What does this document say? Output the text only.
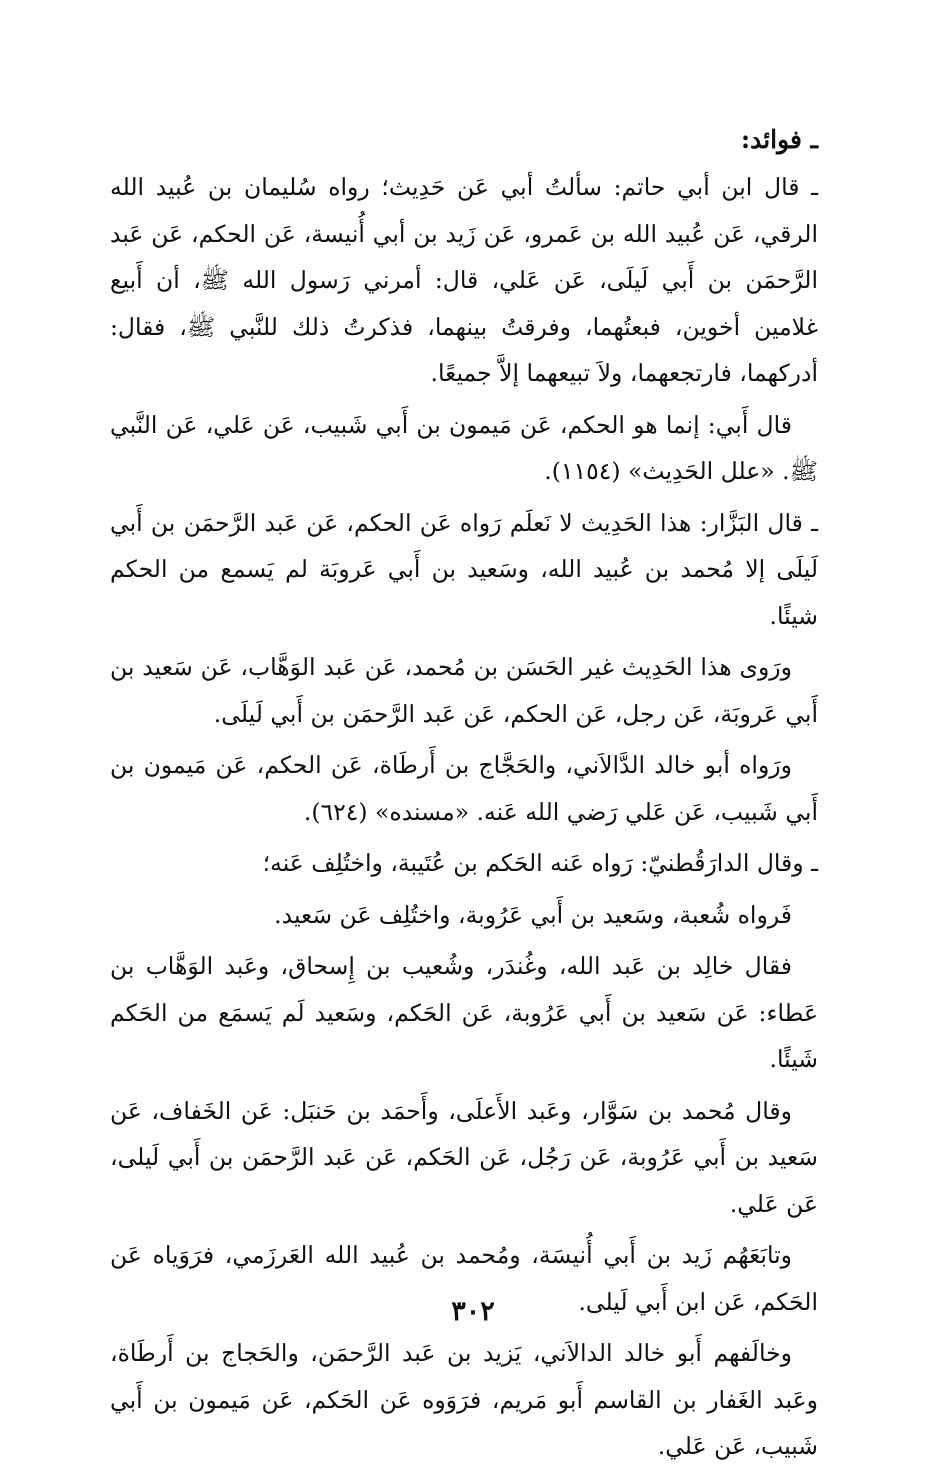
ـ فوائد:

ـ قال ابن أبي حاتم: سألتُ أبي عَن حَدِيث؛ رواه سُليمان بن عُبيد الله الرقي، عَن عُبيد الله بن عَمرو، عَن زَيد بن أبي أُنيسة، عَن الحكم، عَن عَبد الرَّحمَن بن أَبي لَيلَى، عَن عَلي، قال: أمرني رَسول الله ﷺ، أن أَبيع غلامين أخوين، فبعتُهما، وفرقتُ بينهما، فذكرتُ ذلك للنَّبي ﷺ، فقال: أدركهما، فارتجعهما، ولاَ تبيعهما إلاَّ جميعًا.

قال أَبي: إنما هو الحكم، عَن مَيمون بن أَبي شَبيب، عَن عَلي، عَن النَّبي ﷺ. «علل الحَدِيث» (١١٥٤).

ـ قال البَزَّار: هذا الحَدِيث لا نَعلَم رَواه عَن الحكم، عَن عَبد الرَّحمَن بن أَبي لَيلَى إلا مُحمد بن عُبيد الله، وسَعيد بن أَبي عَروبَة لم يَسمع من الحكم شيئًا.

ورَوى هذا الحَدِيث غير الحَسَن بن مُحمد، عَن عَبد الوَهَّاب، عَن سَعيد بن أَبي عَروبَة، عَن رجل، عَن الحكم، عَن عَبد الرَّحمَن بن أَبي لَيلَى.

ورَواه أبو خالد الدَّالاَني، والحَجَّاج بن أَرطَاة، عَن الحكم، عَن مَيمون بن أَبي شَبيب، عَن عَلي رَضي الله عَنه. «مسنده» (٦٢٤).

ـ وقال الدارَقُطنيّ: رَواه عَنه الحَكم بن عُتَيبة، واختُلِف عَنه؛

فَرواه شُعبة، وسَعيد بن أَبي عَرُوبة، واختُلِف عَن سَعيد.

فقال خالِد بن عَبد الله، وغُندَر، وشُعيب بن إِسحاق، وعَبد الوَهَّاب بن عَطاء: عَن سَعيد بن أَبي عَرُوبة، عَن الحَكم، وسَعيد لَم يَسمَع من الحَكم شَيئًا.

وقال مُحمد بن سَوَّار، وعَبد الأَعلَى، وأَحمَد بن حَنبَل: عَن الخَفاف، عَن سَعيد بن أَبي عَرُوبة، عَن رَجُل، عَن الحَكم، عَن عَبد الرَّحمَن بن أَبي لَيلى، عَن عَلي.

وتابَعَهُم زَيد بن أَبي أُنيسَة، ومُحمد بن عُبيد الله العَرزَمي، فرَوَياه عَن الحَكم، عَن ابن أَبي لَيلى.

وخالَفهم أَبو خالد الدالاَني، يَزيد بن عَبد الرَّحمَن، والحَجاج بن أَرطَاة، وعَبد الغَفار بن القاسم أَبو مَريم، فرَوَوه عَن الحَكم، عَن مَيمون بن أَبي شَبيب، عَن عَلي.

٣٠٢
